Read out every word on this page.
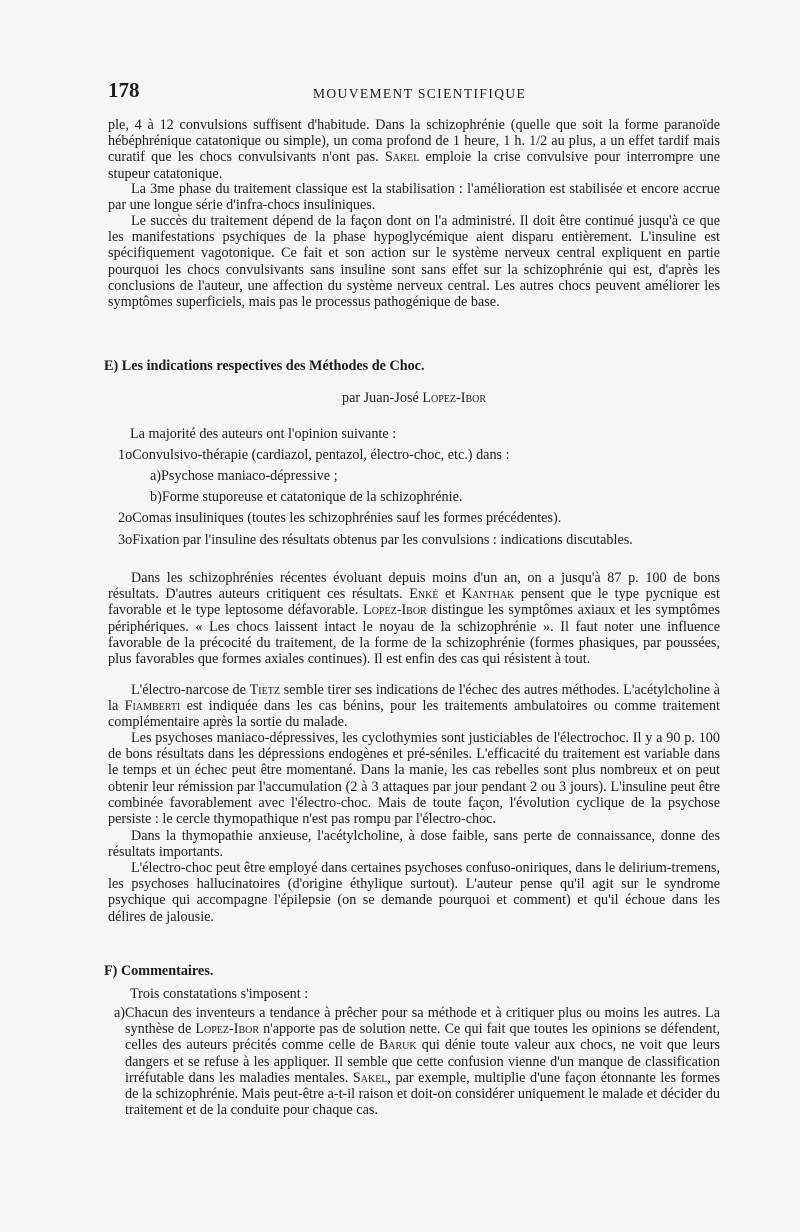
178	MOUVEMENT SCIENTIFIQUE

ple, 4 à 12 convulsions suffisent d'habitude. Dans la schizophrénie (quelle que soit la forme paranoïde hébéphrénique catatonique ou simple), un coma profond de 1 heure, 1 h. 1/2 au plus, a un effet tardif mais curatif que les chocs convulsivants n'ont pas. Sakel emploie la crise convulsive pour interrompre une stupeur catatonique.

La 3me phase du traitement classique est la stabilisation : l'amélioration est stabilisée et encore accrue par une longue série d'infra-chocs insuliniques.

Le succès du traitement dépend de la façon dont on l'a administré. Il doit être continué jusqu'à ce que les manifestations psychiques de la phase hypoglycémique aient disparu entièrement. L'insuline est spécifiquement vagotonique. Ce fait et son action sur le système nerveux central expliquent en partie pourquoi les chocs convulsivants sans insuline sont sans effet sur la schizophrénie qui est, d'après les conclusions de l'auteur, une affection du système nerveux central. Les autres chocs peuvent améliorer les symptômes superficiels, mais pas le processus pathogénique de base.

E) Les indications respectives des Méthodes de Choc.
par Juan-José Lopez-Ibor
La majorité des auteurs ont l'opinion suivante :
1o Convulsivo-thérapie (cardiazol, pentazol, électro-choc, etc.) dans :
a) Psychose maniaco-dépressive ;
b) Forme stuporeuse et catatonique de la schizophrénie.
2o Comas insuliniques (toutes les schizophrénies sauf les formes précédentes).
3o Fixation par l'insuline des résultats obtenus par les convulsions : indications discutables.

Dans les schizophrénies récentes évoluant depuis moins d'un an, on a jusqu'à 87 p. 100 de bons résultats. D'autres auteurs critiquent ces résultats. Enké et Kanthak pensent que le type pycnique est favorable et le type leptosome défavorable. Lopez-Ibor distingue les symptômes axiaux et les symptômes périphériques. « Les chocs laissent intact le noyau de la schizophrénie ». Il faut noter une influence favorable de la précocité du traitement, de la forme de la schizophrénie (formes phasiques, par poussées, plus favorables que formes axiales continues). Il est enfin des cas qui résistent à tout.

L'électro-narcose de Tietz semble tirer ses indications de l'échec des autres méthodes. L'acétylcholine à la Fiamberti est indiquée dans les cas bénins, pour les traitements ambulatoires ou comme traitement complémentaire après la sortie du malade.

Les psychoses maniaco-dépressives, les cyclothymies sont justiciables de l'électrochoc. Il y a 90 p. 100 de bons résultats dans les dépressions endogènes et pré-séniles. L'efficacité du traitement est variable dans le temps et un échec peut être momentané. Dans la manie, les cas rebelles sont plus nombreux et on peut obtenir leur rémission par l'accumulation (2 à 3 attaques par jour pendant 2 ou 3 jours). L'insuline peut être combinée favorablement avec l'électro-choc. Mais de toute façon, l'évolution cyclique de la psychose persiste : le cercle thymopathique n'est pas rompu par l'électro-choc.

Dans la thymopathie anxieuse, l'acétylcholine, à dose faible, sans perte de connaissance, donne des résultats importants.

L'électro-choc peut être employé dans certaines psychoses confuso-oniriques, dans le delirium-tremens, les psychoses hallucinatoires (d'origine éthylique surtout). L'auteur pense qu'il agit sur le syndrome psychique qui accompagne l'épilepsie (on se demande pourquoi et comment) et qu'il échoue dans les délires de jalousie.

F) Commentaires.
Trois constatations s'imposent :
a) Chacun des inventeurs a tendance à prêcher pour sa méthode et à critiquer plus ou moins les autres. La synthèse de Lopez-Ibor n'apporte pas de solution nette. Ce qui fait que toutes les opinions se défendent, celles des auteurs précités comme celle de Baruk qui dénie toute valeur aux chocs, ne voit que leurs dangers et se refuse à les appliquer. Il semble que cette confusion vienne d'un manque de classification irréfutable dans les maladies mentales. Sakel, par exemple, multiplie d'une façon étonnante les formes de la schizophrénie. Mais peut-être a-t-il raison et doit-on considérer uniquement le malade et décider du traitement et de la conduite pour chaque cas.
